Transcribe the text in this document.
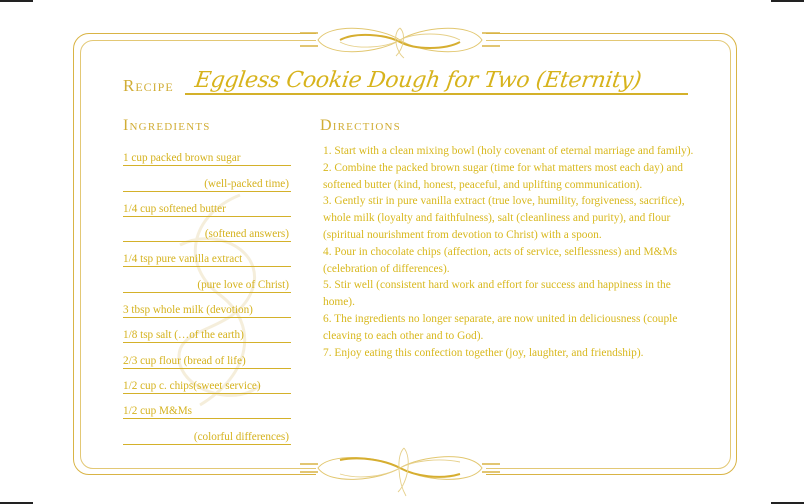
Recipe Eggless Cookie Dough for Two (Eternity)
Ingredients	Directions
1 cup packed brown sugar
(well-packed time)
1/4 cup softened butter
(softened answers)
1/4 tsp pure vanilla extract
(pure love of Christ)
3 tbsp whole milk (devotion)
1/8 tsp salt (…of the earth)
2/3 cup flour (bread of life)
1/2 cup c. chips(sweet service)
1/2 cup M&Ms
(colorful differences)

1. Start with a clean mixing bowl (holy covenant of eternal marriage and family).

2. Combine the packed brown sugar (time for what matters most each day) and softened butter (kind, honest, peaceful, and uplifting communication).

3. Gently stir in pure vanilla extract (true love, humility, forgiveness, sacrifice), whole milk (loyalty and faithfulness), salt (cleanliness and purity), and flour (spiritual nourishment from devotion to Christ) with a spoon.

4. Pour in chocolate chips (affection, acts of service, selflessness) and M&Ms (celebration of differences).

5. Stir well (consistent hard work and effort for success and happiness in the home).

6. The ingredients no longer separate, are now united in deliciousness (couple cleaving to each other and to God).

7. Enjoy eating this confection together (joy, laughter, and friendship).
